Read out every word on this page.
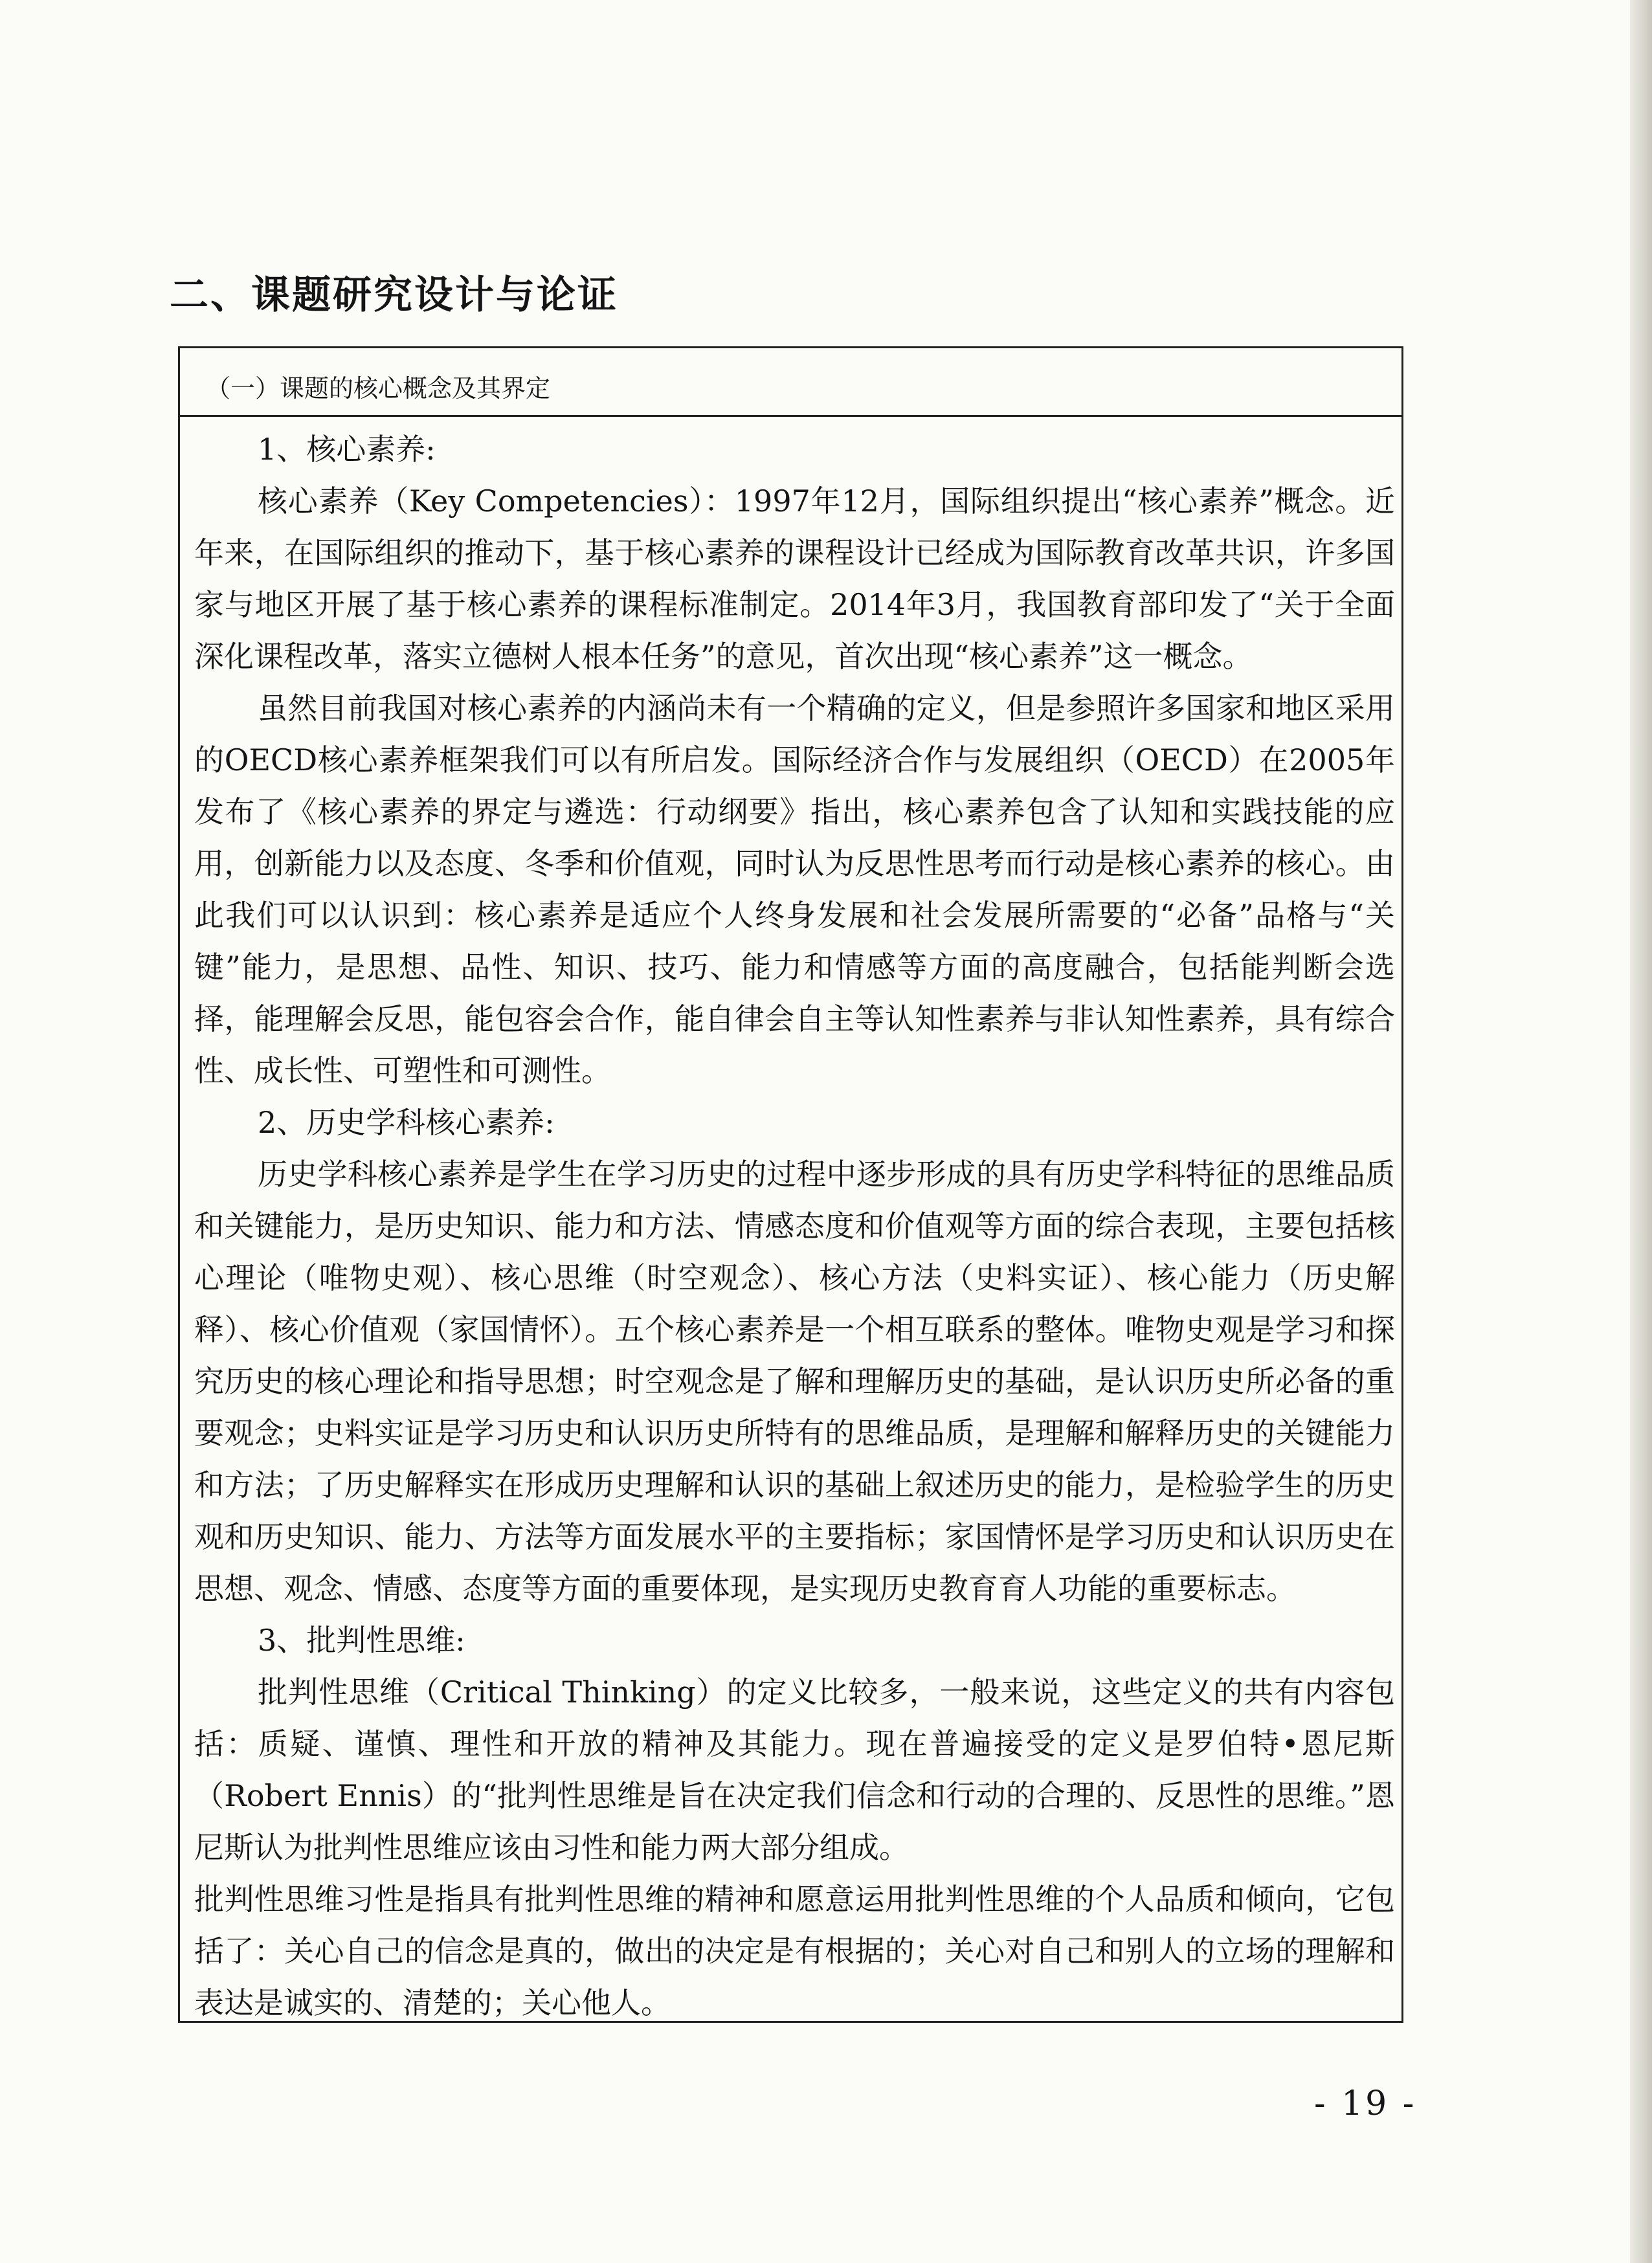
二、课题研究设计与论证
（一）课题的核心概念及其界定

1、核心素养:

核心素养（Key Competencies）：1997年12月，国际组织提出“核心素养”概念。近年来，在国际组织的推动下，基于核心素养的课程设计已经成为国际教育改革共识，许多国家与地区开展了基于核心素养的课程标准制定。2014年3月，我国教育部印发了“关于全面深化课程改革，落实立德树人根本任务”的意见，首次出现“核心素养”这一概念。

虽然目前我国对核心素养的内涵尚未有一个精确的定义，但是参照许多国家和地区采用的OECD核心素养框架我们可以有所启发。国际经济合作与发展组织（OECD）在2005年发布了《核心素养的界定与遴选：行动纲要》指出，核心素养包含了认知和实践技能的应用，创新能力以及态度、冬季和价值观，同时认为反思性思考而行动是核心素养的核心。由此我们可以认识到：核心素养是适应个人终身发展和社会发展所需要的“必备”品格与“关键”能力，是思想、品性、知识、技巧、能力和情感等方面的高度融合，包括能判断会选择，能理解会反思，能包容会合作，能自律会自主等认知性素养与非认知性素养，具有综合性、成长性、可塑性和可测性。

2、历史学科核心素养:

历史学科核心素养是学生在学习历史的过程中逐步形成的具有历史学科特征的思维品质和关键能力，是历史知识、能力和方法、情感态度和价值观等方面的综合表现，主要包括核心理论（唯物史观）、核心思维（时空观念）、核心方法（史料实证）、核心能力（历史解释）、核心价值观（家国情怀）。五个核心素养是一个相互联系的整体。唯物史观是学习和探究历史的核心理论和指导思想；时空观念是了解和理解历史的基础，是认识历史所必备的重要观念；史料实证是学习历史和认识历史所特有的思维品质，是理解和解释历史的关键能力和方法；了历史解释实在形成历史理解和认识的基础上叙述历史的能力，是检验学生的历史观和历史知识、能力、方法等方面发展水平的主要指标；家国情怀是学习历史和认识历史在思想、观念、情感、态度等方面的重要体现，是实现历史教育育人功能的重要标志。

3、批判性思维:

批判性思维（Critical Thinking）的定义比较多，一般来说，这些定义的共有内容包括：质疑、谨慎、理性和开放的精神及其能力。现在普遍接受的定义是罗伯特•恩尼斯（Robert Ennis）的“批判性思维是旨在决定我们信念和行动的合理的、反思性的思维。”恩尼斯认为批判性思维应该由习性和能力两大部分组成。

批判性思维习性是指具有批判性思维的精神和愿意运用批判性思维的个人品质和倾向，它包括了：关心自己的信念是真的，做出的决定是有根据的；关心对自己和别人的立场的理解和表达是诚实的、清楚的；关心他人。

- 19 -
